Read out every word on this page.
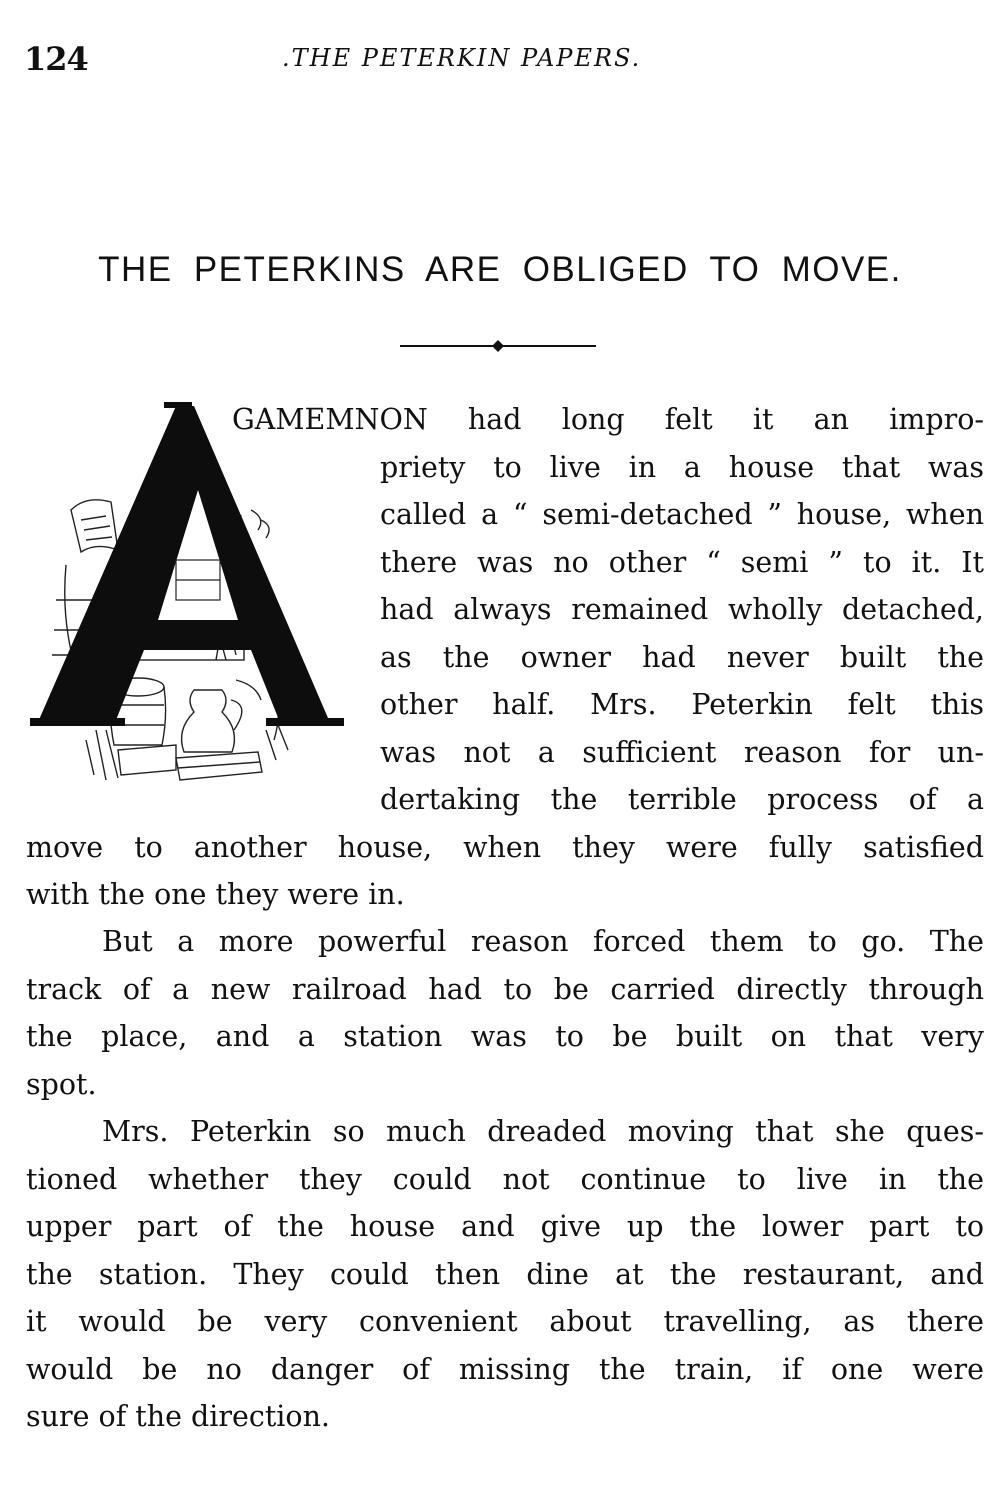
124	.THE PETERKIN PAPERS.
THE PETERKINS ARE OBLIGED TO MOVE.
GAMEMNON had long felt it an impro-
priety to live in a house that was
called a “ semi-detached ” house, when
there was no other “ semi ” to it. It
had always remained wholly detached,
as the owner had never built the
other half. Mrs. Peterkin felt this
was not a sufficient reason for un-
dertaking the terrible process of a
move to another house, when they were fully satisfied
with the one they were in.
But a more powerful reason forced them to go. The
track of a new railroad had to be carried directly through
the place, and a station was to be built on that very
spot.
Mrs. Peterkin so much dreaded moving that she ques-
tioned whether they could not continue to live in the
upper part of the house and give up the lower part to
the station. They could then dine at the restaurant, and
it would be very convenient about travelling, as there
would be no danger of missing the train, if one were
sure of the direction.
